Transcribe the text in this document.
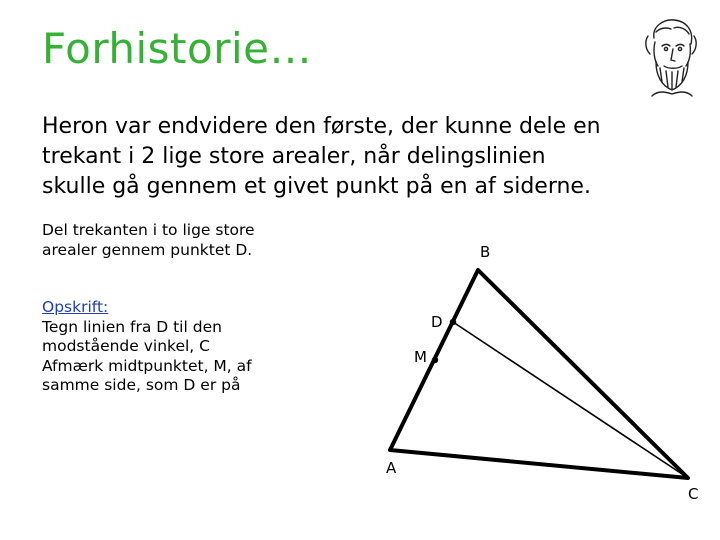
Forhistorie…
Heron var endvidere den første, der kunne dele en
trekant i 2 lige store arealer, når delingslinien
skulle gå gennem et givet punkt på en af siderne.
Del trekanten i to lige store
arealer gennem punktet D.
Opskrift:
Tegn linien fra D til den
modstående vinkel, C
Afmærk midtpunktet, M, af
samme side, som D er på
B
D
M
A
C
